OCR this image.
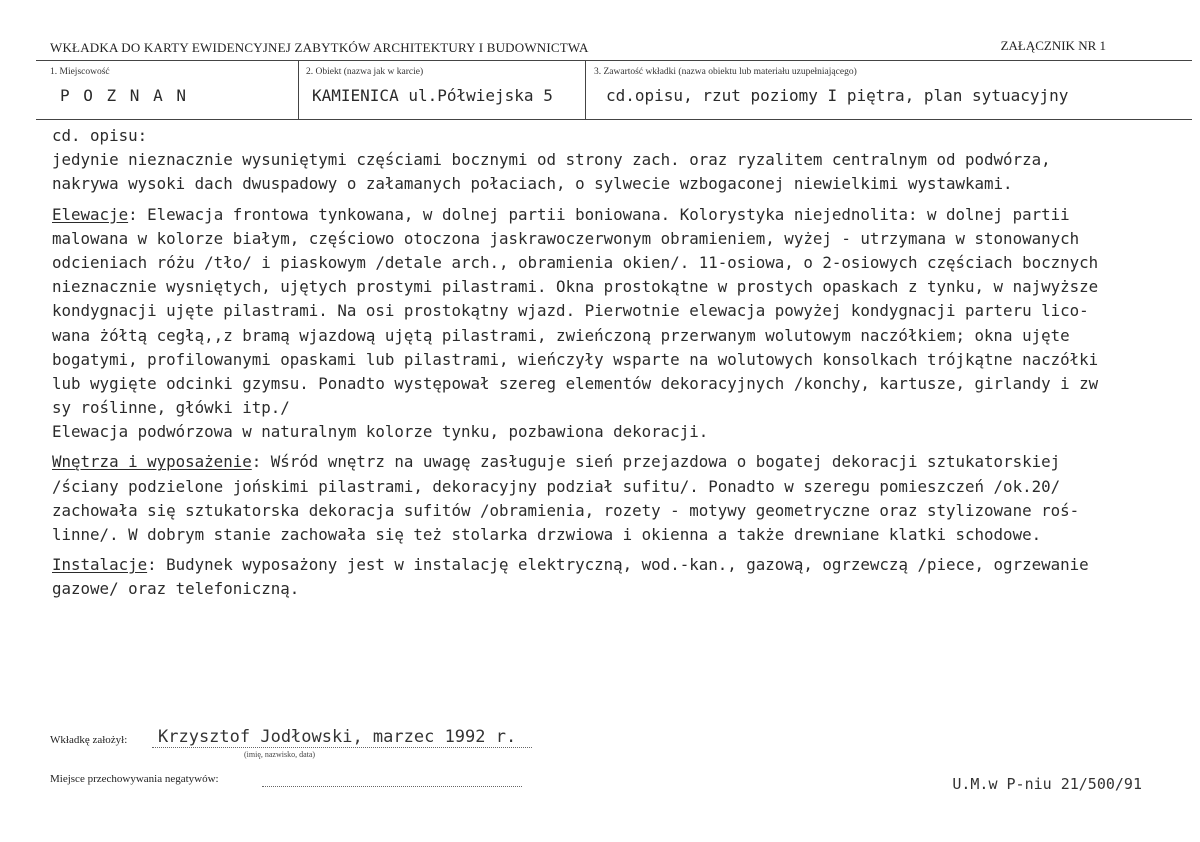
WKŁADKA DO KARTY EWIDENCYJNEJ ZABYTKÓW ARCHITEKTURY I BUDOWNICTWA	ZAŁĄCZNIK NR 1
1. Miejscowość
P O Z N A N
2. Obiekt (nazwa jak w karcie)
KAMIENICA ul.Półwiejska 5
3. Zawartość wkładki (nazwa obiektu lub materiału uzupełniającego)
cd.opisu, rzut poziomy I piętra, plan sytuacyjny
cd. opisu:
jedynie nieznacznie wysuniętymi częściami bocznymi od strony zach. oraz ryzalitem centralnym od podwórza,
nakrywa wysoki dach dwuspadowy o załamanych połaciach, o sylwecie wzbogaconej niewielkimi wystawkami.
Elewacje: Elewacja frontowa tynkowana, w dolnej partii boniowana. Kolorystyka niejednolita: w dolnej partii
malowana w kolorze białym, częściowo otoczona jaskrawoczerwonym obramieniem, wyżej - utrzymana w stonowanych
odcieniach różu /tło/ i piaskowym /detale arch., obramienia okien/. 11-osiowa, o 2-osiowych częściach bocznych
nieznacznie wysniętych, ujętych prostymi pilastrami. Okna prostokątne w prostych opaskach z tynku, w najwyższe
kondygnacji ujęte pilastrami. Na osi prostokątny wjazd. Pierwotnie elewacja powyżej kondygnacji parteru lico-
wana żółtą cegłą,,z bramą wjazdową ujętą pilastrami, zwieńczoną przerwanym wolutowym naczółkiem; okna ujęte
bogatymi, profilowanymi opaskami lub pilastrami, wieńczyły wsparte na wolutowych konsolkach trójkątne naczółki
lub wygięte odcinki gzymsu. Ponadto występował szereg elementów dekoracyjnych /konchy, kartusze, girlandy i zw
sy roślinne, główki itp./
Elewacja podwórzowa w naturalnym kolorze tynku, pozbawiona dekoracji.
Wnętrza i wyposażenie: Wśród wnętrz na uwagę zasługuje sień przejazdowa o bogatej dekoracji sztukatorskiej
/ściany podzielone jońskimi pilastrami, dekoracyjny podział sufitu/. Ponadto w szeregu pomieszczeń /ok.20/
zachowała się sztukatorska dekoracja sufitów /obramienia, rozety - motywy geometryczne oraz stylizowane roś-
linne/. W dobrym stanie zachowała się też stolarka drzwiowa i okienna a także drewniane klatki schodowe.
Instalacje: Budynek wyposażony jest w instalację elektryczną, wod.-kan., gazową, ogrzewczą /piece, ogrzewanie
gazowe/ oraz telefoniczną.
Wkładkę założył: Krzysztof Jodłowski, marzec 1992 r.
(imię, nazwisko, data)
Miejsce przechowywania negatywów:	U.M.w P-niu 21/500/91
